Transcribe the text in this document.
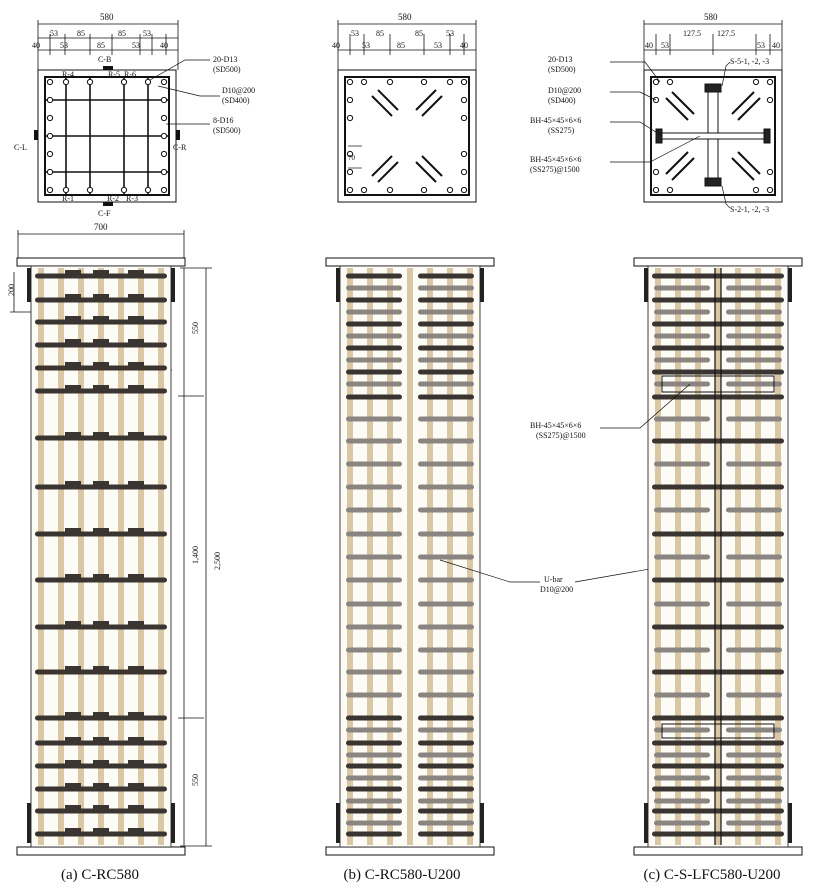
580
40
53 85	85 53
40
53	85	53
R-4	R-5 R-6
R-1	R-2 R-3
C-B
C-F
C-L	C-R
20-D13
(SD500)
D10@200
(SD400)
8-D16
(SD500)
580
40
53 85	85	53
40
53	85	53
70
580
40
127.5 127.5
40
53	53
20-D13
(SD500)
D10@200
(SD400)
BH-45×45×6×6
(SS275)
BH-45×45×6×6
(SS275)@1500
S-5-1, -2, -3
S-2-1, -2, -3
700
200
550
1,400
550
2,500
U-bar
D10@200
BH-45×45×6×6
(SS275)@1500
(a) C-RC580	(b) C-RC580-U200	(c) C-S-LFC580-U200
